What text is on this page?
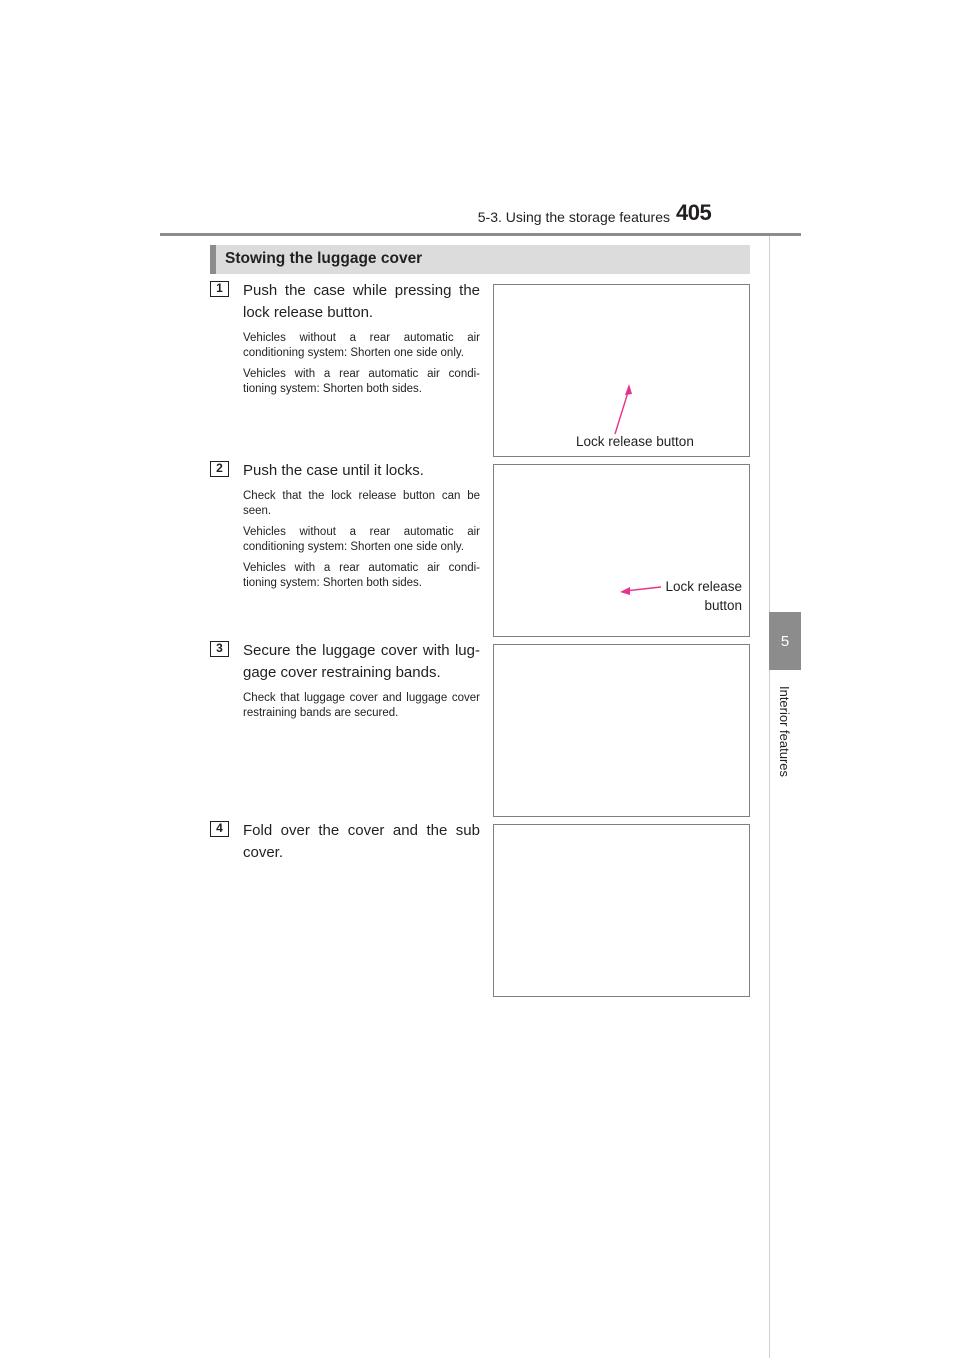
5-3. Using the storage features 405
5
Interior features
Stowing the luggage cover
1	Push the case while pressing the lock release button.

Vehicles without a rear automatic air conditioning system: Shorten one side only.

Vehicles with a rear automatic air condi-tioning system: Shorten both sides.

Lock release button
2	Push the case until it locks.

Check that the lock release button can be seen.

Vehicles without a rear automatic air conditioning system: Shorten one side only.

Vehicles with a rear automatic air condi-tioning system: Shorten both sides.	Lock release
button
3	Secure the luggage cover with lug-gage cover restraining bands.

Check that luggage cover and luggage cover restraining bands are secured.

4	Fold over the cover and the sub cover.
